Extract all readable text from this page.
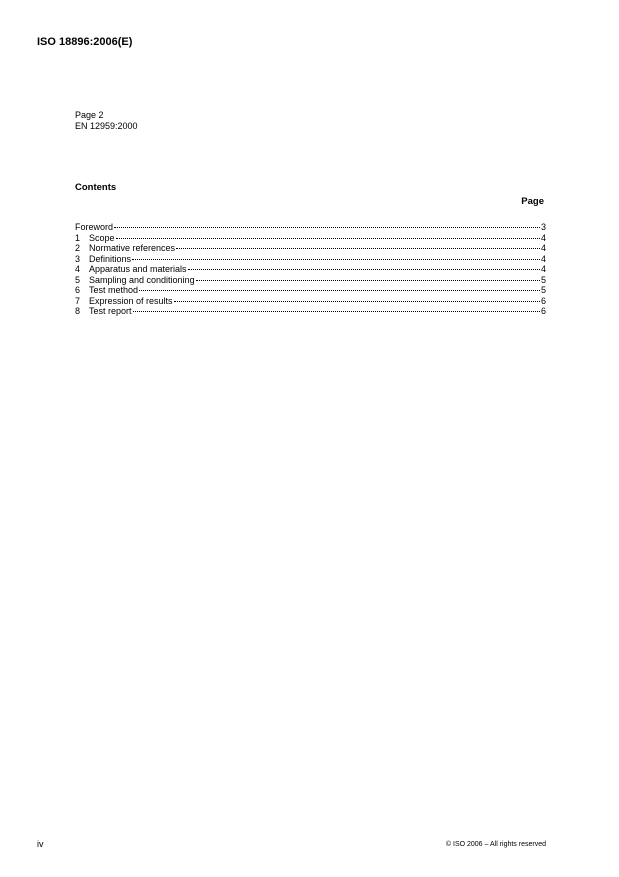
ISO 18896:2006(E)
Page 2
EN 12959:2000
Contents
Page
Foreword	3
1 Scope	4
2 Normative references	4
3 Definitions	4
4 Apparatus and materials	4
5 Sampling and conditioning	5
6 Test method	5
7 Expression of results	6
8 Test report	6
iv	© ISO 2006 – All rights reserved
